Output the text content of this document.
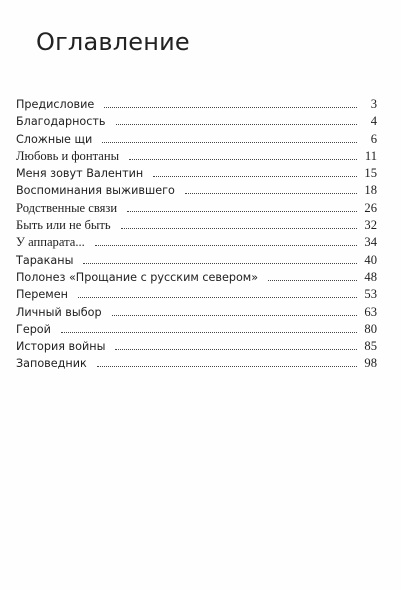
Оглавление
Предисловие	3
Благодарность	4
Сложные щи	6
Любовь и фонтаны	11
Меня зовут Валентин	15
Воспоминания выжившего	18
Родственные связи	26
Быть или не быть	32
У аппарата...	34
Тараканы	40
Полонез «Прощание с русским севером»	48
Перемен	53
Личный выбор	63
Герой	80
История войны	85
Заповедник	98
